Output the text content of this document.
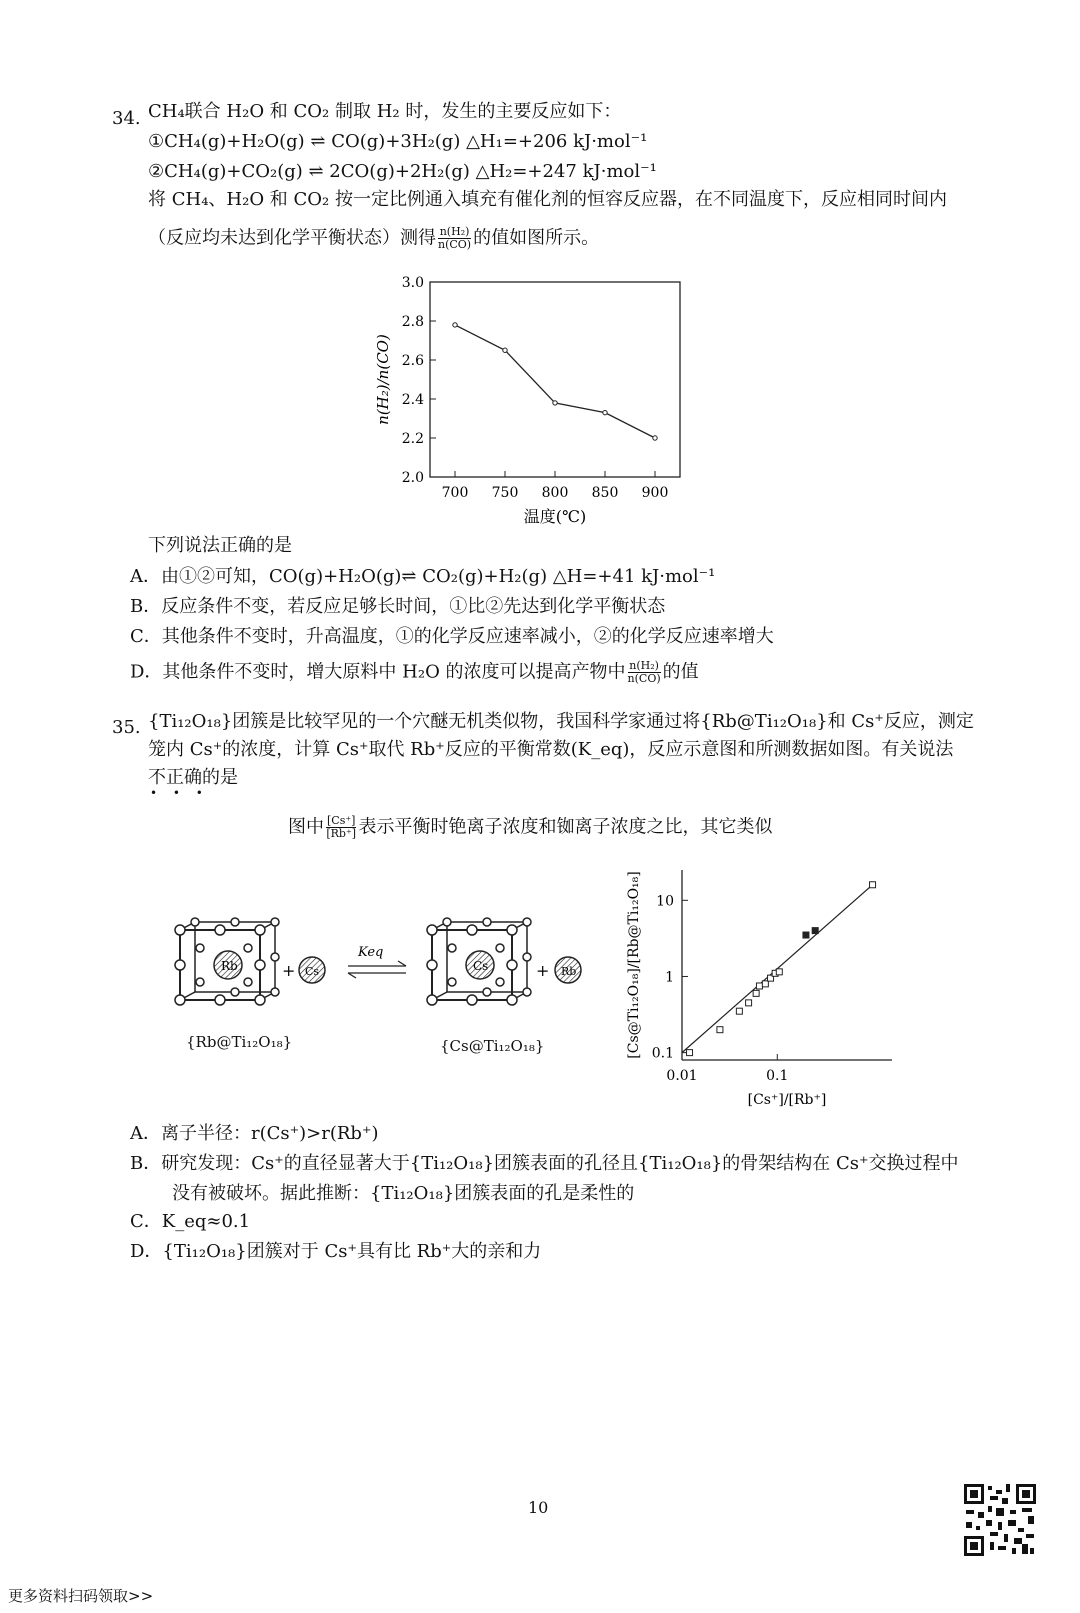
34. CH₄联合 H₂O 和 CO₂ 制取 H₂ 时，发生的主要反应如下：
①CH₄(g)+H₂O(g) ⇌ CO(g)+3H₂(g) △H₁=+206 kJ·mol⁻¹
②CH₄(g)+CO₂(g) ⇌ 2CO(g)+2H₂(g) △H₂=+247 kJ·mol⁻¹
将 CH₄、H₂O 和 CO₂ 按一定比例通入填充有催化剂的恒容反应器，在不同温度下，反应相同时间内
（反应均未达到化学平衡状态）测得 $\frac{\text{n(H₂)}}{n(CO)}$ 的值如图所示。
2.0
2.2
2.4
2.6
2.8
3.0
700 750 800 850 900
温度(℃)
n(H₂)/n(CO)
下列说法正确的是
A．由①②可知，CO(g)+H₂O(g)⇌ CO₂(g)+H₂(g) △H=+41 kJ·mol⁻¹
B．反应条件不变，若反应足够长时间，①比②先达到化学平衡状态
C．其他条件不变时，升高温度，①的化学反应速率减小，②的化学反应速率增大
D．其他条件不变时，增大原料中 H₂O 的浓度可以提高产物中 $\frac{\text{n(H₂)}}{n(CO)}$ 的值
35. {Ti₁₂O₁₈}团簇是比较罕见的一个穴醚无机类似物，我国科学家通过将{Rb@Ti₁₂O₁₈}和 Cs⁺反应，测定
笼内 Cs⁺的浓度，计算 Cs⁺取代 Rb⁺反应的平衡常数(K_eq)，反应示意图和所测数据如图。有关说法
不正确的是
• • •
图中 $\frac{[Cs^+]}{[Rb^+]}$ 表示平衡时铯离子浓度和铷离子浓度之比，其它类似
Rb	+ Cs
Keq
Cs	+ Rb
{Rb@Ti₁₂O₁₈}	{Cs@Ti₁₂O₁₈}	0.1
1
10
0.01	0.1
[Cs⁺]/[Rb⁺]
[Cs@Ti₁₂O₁₈]/[Rb@Ti₁₂O₁₈]
A．离子半径：r(Cs⁺)>r(Rb⁺)
B．研究发现：Cs⁺的直径显著大于{Ti₁₂O₁₈}团簇表面的孔径且{Ti₁₂O₁₈}的骨架结构在 Cs⁺交换过程中
没有被破坏。据此推断：{Ti₁₂O₁₈}团簇表面的孔是柔性的
C．K_eq≈0.1
D．{Ti₁₂O₁₈}团簇对于 Cs⁺具有比 Rb⁺大的亲和力
10
更多资料扫码领取>>
